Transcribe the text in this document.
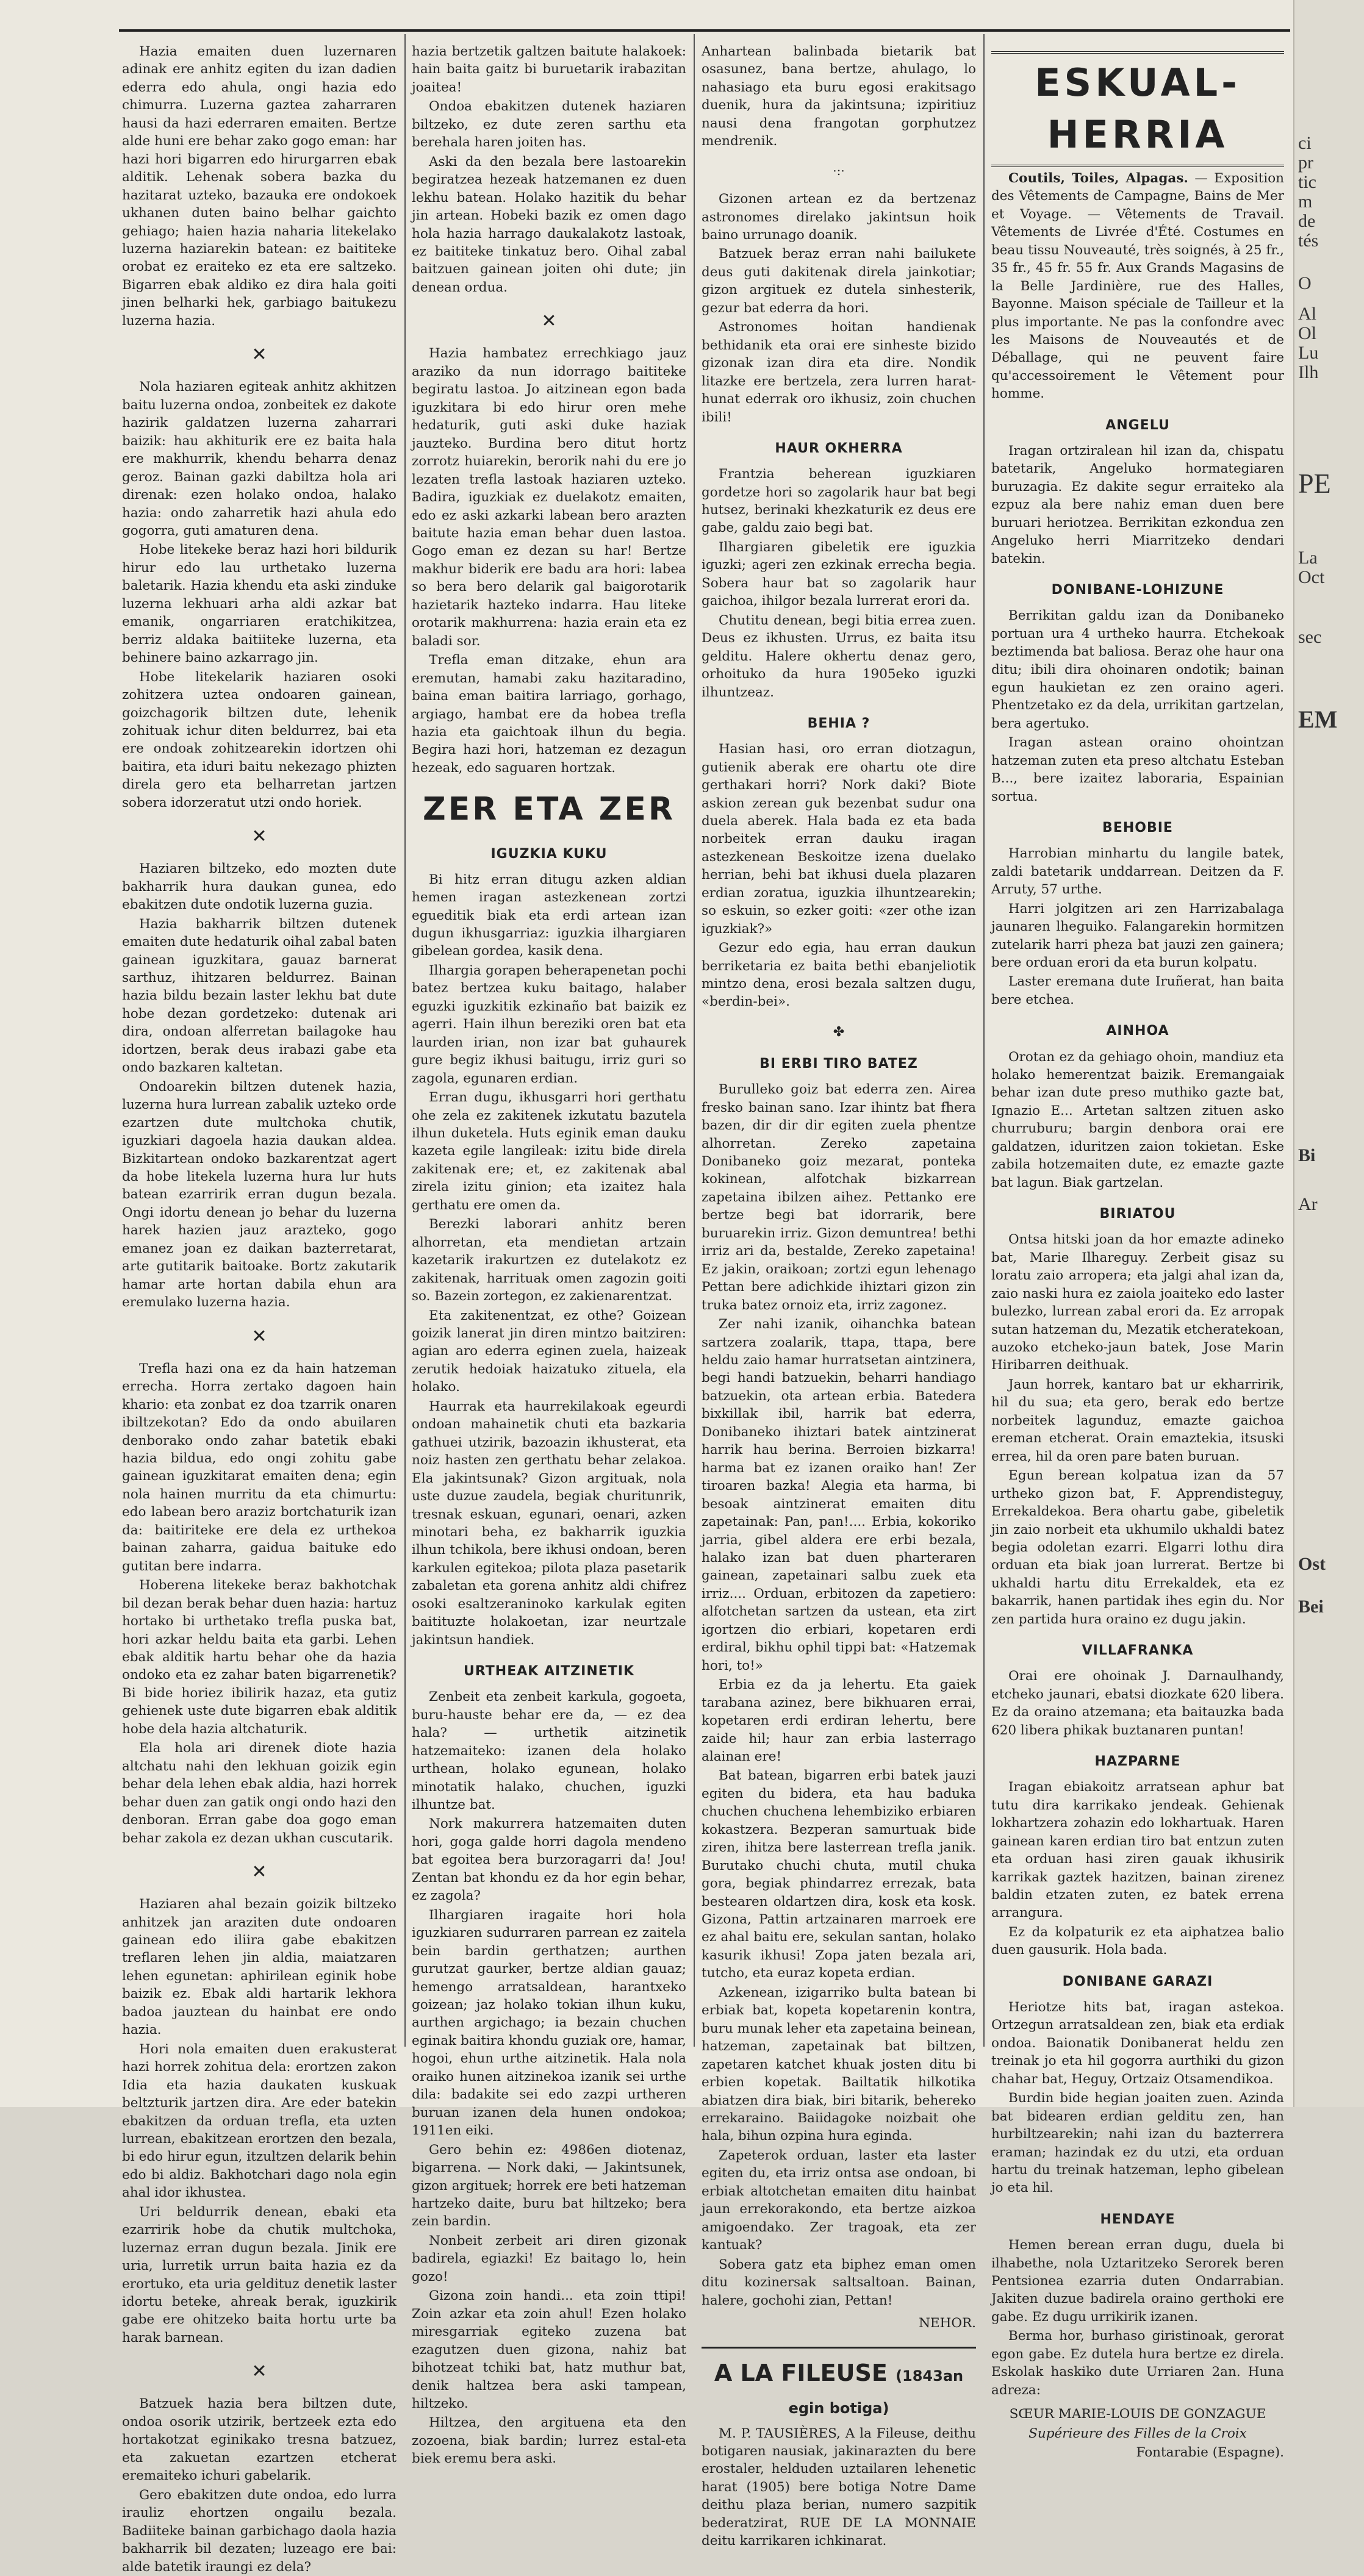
Hazia emaiten duen luzernaren adinak ere anhitz egiten du izan dadien ederra edo ahula, ongi hazia edo chimurra. Luzerna gaztea zaharraren hausi da hazi ederraren emaiten. Bertze alde huni ere behar zako gogo eman: har hazi hori bigarren edo hirurgarren ebak alditik. Lehenak sobera bazka du hazitarat uzteko, bazauka ere ondokoek ukhanen duten baino belhar gaichto gehiago; haien hazia naharia litekelako luzerna haziarekin batean: ez baititeke orobat ez eraiteko ez eta ere saltzeko. Bigarren ebak aldiko ez dira hala goiti jinen belharki hek, garbiago baitukezu luzerna hazia.

✕

Nola haziaren egiteak anhitz akhitzen baitu luzerna ondoa, zonbeitek ez dakote hazirik galdatzen luzerna zaharrari baizik: hau akhiturik ere ez baita hala ere makhurrik, khendu beharra denaz geroz. Bainan gazki dabiltza hola ari direnak: ezen holako ondoa, halako hazia: ondo zaharretik hazi ahula edo gogorra, guti amaturen dena.

Hobe litekeke beraz hazi hori bildurik hirur edo lau urthetako luzerna baletarik. Hazia khendu eta aski zinduke luzerna lekhuari arha aldi azkar bat emanik, ongarriaren eratchikitzea, berriz aldaka baitiiteke luzerna, eta behinere baino azkarrago jin.

Hobe litekelarik haziaren osoki zohitzera uztea ondoaren gainean, goizchagorik biltzen dute, lehenik zohituak ichur diten beldurrez, bai eta ere ondoak zohitzearekin idortzen ohi baitira, eta iduri baitu nekezago phizten direla gero eta belharretan jartzen sobera idorzeratut utzi ondo horiek.

✕

Haziaren biltzeko, edo mozten dute bakharrik hura daukan gunea, edo ebakitzen dute ondotik luzerna guzia.

Hazia bakharrik biltzen dutenek emaiten dute hedaturik oihal zabal baten gainean iguzkitara, gauaz barnerat sarthuz, ihitzaren beldurrez. Bainan hazia bildu bezain laster lekhu bat dute hobe dezan gordetzeko: dutenak ari dira, ondoan alferretan bailagoke hau idortzen, berak deus irabazi gabe eta ondo bazkaren kaltetan.

Ondoarekin biltzen dutenek hazia, luzerna hura lurrean zabalik uzteko orde ezartzen dute multchoka chutik, iguzkiari dagoela hazia daukan aldea. Bizkitartean ondoko bazkarentzat agert da hobe litekela luzerna hura lur huts batean ezarririk erran dugun bezala. Ongi idortu denean jo behar du luzerna harek hazien jauz arazteko, gogo emanez joan ez daikan bazterretarat, arte gutitarik baitoake. Bortz zakutarik hamar arte hortan dabila ehun ara eremulako luzerna hazia.

✕

Trefla hazi ona ez da hain hatzeman errecha. Horra zertako dagoen hain khario: eta zonbat ez doa tzarrik onaren ibiltzekotan? Edo da ondo abuilaren denborako ondo zahar batetik ebaki hazia bildua, edo ongi zohitu gabe gainean iguzkitarat emaiten dena; egin nola hainen murritu da eta chimurtu: edo labean bero araziz bortchaturik izan da: baitiriteke ere dela ez urthekoa bainan zaharra, gaiduа baituke edo gutitan bere indarra.

Hoberena litekeke beraz bakhotchak bil dezan berak behar duen hazia: hartuz hortako bi urthetako trefla puska bat, hori azkar heldu baita eta garbi. Lehen ebak alditik hartu behar ohe da hazia ondoko eta ez zahar baten bigarrenetik? Bi bide horiez ibilirik hazaz, eta gutiz gehienek uste dute bigarren ebak alditik hobe dela hazia altchaturik.

Ela hola ari direnek diote hazia altchatu nahi den lekhuan goizik egin behar dela lehen ebak aldia, hazi horrek behar duen zan gatik ongi ondo hazi den denboran. Erran gabe doa gogo eman behar zakola ez dezan ukhan cuscutarik.

✕

Haziaren ahal bezain goizik biltzeko anhitzek jan araziten dute ondoaren gainean edo iliira gabe ebakitzen treflaren lehen jin aldia, maiatzaren lehen egunetan: aphirilean eginik hobe baizik ez. Ebak aldi hartarik lekhora badoa jauztean du hainbat ere ondo hazia.

Hori nola emaiten duen erakusterat hazi horrek zohitua dela: erortzen zakon Idia eta hazia daukaten kuskuak beltzturik jartzen dira. Are eder batekin ebakitzen da orduan trefla, eta uzten lurrean, ebakitzean erortzen den bezala, bi edo hirur egun, itzultzen delarik behin edo bi aldiz. Bakhotchari dago nola egin ahal idor ikhustea.

Uri beldurrik denean, ebaki eta ezarririk hobe da chutik multchoka, luzernaz erran dugun bezala. Jinik ere uria, lurretik urrun baita hazia ez da erortuko, eta uria geldituz denetik laster idortu beteke, ahreak berak, iguzkirik gabe ere ohitzeko baita hortu urte ba harak barnean.

✕

Batzuek hazia bera biltzen dute, ondoa osorik utzirik, bertzeek ezta edo hortakotzat eginikako tresna batzuez, eta zakuetan ezartzen etcherat eremaiteko ichuri gabelarik.

Gero ebakitzen dute ondoa, edo lurra irauliz ehortzen ongailu bezala. Badiiteke bainan garbichago daola hazia bakharrik bil dezaten; luzeago ere bai: alde batetik iraungi ez dela?

hazia bertzetik galtzen baitute halakoek: hain baita gaitz bi buruetarik irabazitan joaitea!

Ondoa ebakitzen dutenek haziaren biltzeko, ez dute zeren sarthu eta berehala haren joiten has.

Aski da den bezala bere lastoarekin begiratzea hezeak hatzemanen ez duen lekhu batean. Holako hazitik du behar jin artean. Hobeki bazik ez omen dago hola hazia harrago daukalakotz lastoak, ez baititeke tinkatuz bero. Oihal zabal baitzuen gainean joiten ohi dute; jin denean ordua.

✕

Hazia hambatez errechkiago jauz araziko da nun idorrago baititeke begiratu lastoa. Jo aitzinean egon bada iguzkitara bi edo hirur oren mehe hedaturik, guti aski duke haziak jauzteko. Burdina bero ditut hortz zorrotz huiarekin, berorik nahi du ere jo lezaten trefla lastoak haziaren uzteko. Badira, iguzkiak ez duelakotz emaiten, edo ez aski azkarki labean bero arazten baitute hazia eman behar duen lastoa. Gogo eman ez dezan su har! Bertze makhur biderik ere badu ara hori: labea so bera bero delarik gal baigorotarik hazietarik hazteko indarra. Hau liteke orotarik makhurrena: hazia erain eta ez baladi sor.

Trefla eman ditzake, ehun ara eremutan, hamabi zaku hazitaradino, baina eman baitira larriago, gorhago, argiago, hambat ere da hobea trefla hazia eta gaichtoak ilhun du begia. Begira hazi hori, hatzeman ez dezagun hezeak, edo saguaren hortzak.

ZER ETA ZER
IGUZKIA KUKU

Bi hitz erran ditugu azken aldian hemen iragan astezkenean zortzi egueditik biak eta erdi artean izan dugun ikhusgarriaz: iguzkia ilhargiaren gibelean gordea, kasik dena.

Ilhargia gorapen beherapenetan pochi batez bertzea kuku baitago, halaber eguzki iguzkitik ezkinaño bat baizik ez agerri. Hain ilhun bereziki oren bat eta laurden irian, non izar bat guhaurek gure begiz ikhusi baitugu, irriz guri so zagola, egunaren erdian.

Erran dugu, ikhusgarri hori gerthatu ohe zela ez zakitenek izkutatu bazutela ilhun duketela. Huts eginik eman dauku kazeta egile langileak: izitu bide direla zakitenak ere; et, ez zakitenak abal zirela izitu ginion; eta izaitez hala gerthatu ere omen da.

Berezki laborari anhitz beren alhorretan, eta mendietan artzain kazetarik irakurtzen ez dutelakotz ez zakitenak, harrituak omen zagozin goiti so. Bazein zortegon, ez zakienarentzat.

Eta zakitenentzat, ez othe? Goizean goizik lanerat jin diren mintzo baitziren: agian aro ederra eginen zuela, haizeak zerutik hedoiak haizatuko zituela, ela holako.

Haurrak eta haurrekilakoak egeurdi ondoan mahainetik chuti eta bazkaria gathuei utzirik, bazoazin ikhusterat, eta noiz hasten zen gerthatu behar zelakoa. Ela jakintsunak? Gizon argituak, nola uste duzue zaudela, begiak churitunrik, tresnak eskuan, egunari, oenari, azken minotari beha, ez bakharrik iguzkia ilhun tchikola, bere ikhusi ondoan, beren karkulen egitekoa; pilota plaza pasetarik zabaletan eta gorena anhitz aldi chifrez osoki esaltzeraninoko karkulak egiten baitituzte holakoetan, izar neurtzale jakintsun handiek.

URTHEAK AITZINETIK

Zenbeit eta zenbeit karkula, gogoeta, buru-hauste behar ere da, — ez dea hala? — urthetik aitzinetik hatzemaiteko: izanen dela holako urthean, holako egunean, holako minotatik halako, chuchen, iguzki ilhuntze bat.

Nork makurrera hatzemaiten duten hori, goga galde horri dagola mendeno bat egoitea bera burzoragarri da! Jou! Zentan bat khondu ez da hor egin behar, ez zagola?

Ilhargiaren iragaite hori hola iguzkiaren sudurraren parrean ez zaitela bein bardin gerthatzen; aurthen gurutzat gaurker, bertze aldian gauaz; hemengo arratsaldean, harantxeko goizean; jaz holako tokian ilhun kuku, aurthen argichago; ia bezain chuchen eginak baitira khondu guziak ore, hamar, hogoi, ehun urthe aitzinetik. Hala nola oraiko hunen aitzinekoa izanik sei urthe dila: badakite sei edo zazpi urtheren buruan izanen dela hunen ondokoa; 1911en eiki.

Gero behin ez: 4986en diotenaz, bigarrena. — Nork daki, — Jakintsunek, gizon argituek; horrek ere beti hatzeman hartzeko daite, buru bat hiltzeko; bera zein bardin.

Nonbeit zerbeit ari diren gizonak badirela, egiazki! Ez baitago lo, hein gozo!

Gizona zoin handi... eta zoin ttipi! Zoin azkar eta zoin ahul! Ezen holako miresgarriak egiteko zuzena bat ezagutzen duen gizona, nahiz bat bihotzeat tchiki bat, hatz muthur bat, denik haltzea bera aski tampean, hiltzeko.

Hiltzea, den argituena eta den zozoena, biak bardin; lurrez estal-eta biek eremu bera aski.

Anhartean balinbada bietarik bat osasunez, bana bertze, ahulago, lo nahasiago eta buru egosi erakitsago duenik, hura da jakintsuna; izpiritiuz nausi dena frangotan gorphutzez mendrenik.

·:·

Gizonen artean ez da bertzenaz astronomes direlako jakintsun hoik baino urrunago doanik.

Batzuek beraz erran nahi bailukete deus guti dakitenak direla jainkotiar; gizon argituek ez dutela sinhesterik, gezur bat ederra da hori.

Astronomes hoitan handienak bethidanik eta orai ere sinheste bizido gizonak izan dira eta dire. Nondik litazke ere bertzela, zera lurren harat-hunat ederrak oro ikhusiz, zoin chuchen ibili!

HAUR OKHERRA

Frantzia beherean iguzkiaren gordetze hori so zagolarik haur bat begi hutsez, berinaki khezkaturik ez deus ere gabe, galdu zaio begi bat.

Ilhargiaren gibeletik ere iguzkia iguzki; ageri zen ezkinak errecha begia. Sobera haur bat so zagolarik haur gaichoa, ihilgor bezala lurrerat erori da.

Chutitu denean, begi bitia errea zuen. Deus ez ikhusten. Urrus, ez baita itsu gelditu. Halere okhertu denaz gero, orhoituko da hura 1905eko iguzki ilhuntzeaz.

BEHIA ?

Hasian hasi, oro erran diotzagun, gutienik aberak ere ohartu ote dire gerthakari horri? Nork daki? Biote askion zerean guk bezenbat sudur ona duela aberek. Hala bada ez eta bada norbeitek erran dauku iragan astezkenean Beskoitze izena duelako herrian, behi bat ikhusi duela plazaren erdian zoratua, iguzkia ilhuntzearekin; so eskuin, so ezker goiti: «zer othe izan iguzkiak?»

Gezur edo egia, hau erran daukun berriketaria ez baita bethi ebanjeliotik mintzo dena, erosi bezala saltzen dugu, «berdin-bei».

✤
BI ERBI TIRO BATEZ

Burulleko goiz bat ederra zen. Airea fresko bainan sano. Izar ihintz bat fhera bazen, dir dir dir egiten zuela phentze alhorretan. Zereko zapetaina Donibaneko goiz mezarat, ponteka kokinean, alfotchak bizkarrean zapetaina ibilzen aihez. Pettanko ere bertze begi bat idorrarik, bere buruarekin irriz. Gizon demuntrea! bethi irriz ari da, bestalde, Zereko zapetaina! Ez jakin, oraikoan; zortzi egun lehenago Pettan bere adichkide ihiztari gizon zin truka batez ornoiz eta, irriz zagonez.

Zer nahi izanik, oihanchka batean sartzera zoalarik, ttapa, ttapa, bere heldu zaio hamar hurratsetan aintzinera, begi handi batzuekin, beharri handiago batzuekin, ota artean erbia. Batedera bixkillak ibil, harrik bat ederra, Donibaneko ihiztari batek aintzinerat harrik hau berina. Berroien bizkarra! harma bat ez izanen oraiko han! Zer tiroaren bazka! Alegia eta harma, bi besoak aintzinerat emaiten ditu zapetainak: Pan, pan!.... Erbia, kokoriko jarria, gibel aldera ere erbi bezala, halako izan bat duen pharteraren gainean, zapetainari salbu zuek eta irriz.... Orduan, erbitozen da zapetiero: alfotchetan sartzen da ustean, eta zirt igortzen dio erbiari, kopetaren erdi erdiral, bikhu ophil tippi bat: «Hatzemak hori, to!»

Erbia ez da ja lehertu. Eta gaiek tarabana azinez, bere bikhuaren errai, kopetaren erdi erdiran lehertu, bere zaide hil; haur zan erbia lasterrago alainan ere!

Bat batean, bigarren erbi batek jauzi egiten du bidera, eta hau baduka chuchen chuchena lehembiziko erbiaren kokastzera. Bezperan samurtuak bide ziren, ihitza bere lasterrean trefla janik. Burutako chuchi chuta, mutil chuka gora, begiak phindarrez errezak, bata bestearen oldartzen dira, kosk eta kosk. Gizona, Pattin artzainaren marroek ere ez ahal baitu ere, sekulan santan, holako kasurik ikhusi! Zopa jaten bezala ari, tutcho, eta euraz kopeta erdian.

Azkenean, izigarriko bulta batean bi erbiak bat, kopeta kopetarenin kontra, buru munak leher eta zapetaina beinean, hatzeman, zapetainak bat biltzen, zapetaren katchet khuak josten ditu bi erbien kopetak. Bailtatik hilkotika abiatzen dira biak, biri bitarik, behereko errekaraino. Baiidagoke noizbait ohe hala, bihun ozpina hura eginda.

Zapeterok orduan, laster eta laster egiten du, eta irriz ontsa ase ondoan, bi erbiak altotchetan emaiten ditu hainbat jaun errekorakondo, eta bertze aizkoa amigoendako. Zer tragoak, eta zer kantuak?

Sobera gatz eta biphez eman omen ditu kozinersak saltsaltoan. Bainan, halere, gochohi zian, Pettan!

NEHOR.
A LA FILEUSE (1843an egin botiga)

M. P. TAUSIÈRES, A la Fileuse, deithu botigaren nausiak, jakinarazten du bere erostaler, helduden uztailaren lehenetic harat (1905) bere botiga Notre Dame deithu plaza berian, numero sazpitik bederatzirat, RUE DE LA MONNAIE deitu karrikaren ichkinarat.

ESKUAL-HERRIA

Coutils, Toiles, Alpagas. — Exposition des Vêtements de Campagne, Bains de Mer et Voyage. — Vêtements de Travail. Vêtements de Livrée d'Été. Costumes en beau tissu Nouveauté, très soignés, à 25 fr., 35 fr., 45 fr. 55 fr. Aux Grands Magasins de la Belle Jardinière, rue des Halles, Bayonne. Maison spéciale de Tailleur et la plus importante. Ne pas la confondre avec les Maisons de Nouveautés et de Déballage, qui ne peuvent faire qu'accessoirement le Vêtement pour homme.

ANGELU

Iragan ortziralean hil izan da, chispatu batetarik, Angeluko hormategiaren buruzagia. Ez dakite segur erraiteko ala ezpuz ala bere nahiz eman duen bere buruari heriotzea. Berrikitan ezkondua zen Angeluko herri Miarritzeko dendari batekin.

DONIBANE-LOHIZUNE

Berrikitan galdu izan da Donibaneko portuan ura 4 urtheko haurra. Etchekoak beztimenda bat baliosa. Beraz ohe haur ona ditu; ibili dira ohoinaren ondotik; bainan egun haukietan ez zen oraino ageri. Phentzetako ez da dela, urrikitan gartzelan, bera agertuko.

Iragan astean oraino ohointzan hatzeman zuten eta preso altchatu Esteban B..., bere izaitez laboraria, Espainian sortua.

BEHOBIE

Harrobian minhartu du langile batek, zaldi batetarik unddarrean. Deitzen da F. Arruty, 57 urthe.

Harri jolgitzen ari zen Harrizabalaga jaunaren lheguiko. Falangarekin hormitzen zutelarik harri pheza bat jauzi zen gainera; bere orduan erori da eta burun kolpatu.

Laster eremana dute Iruñerat, han baita bere etchea.

AINHOA

Orotan ez da gehiago ohoin, mandiuz eta holako hemerentzat baizik. Eremangaiak behar izan dute preso muthiko gazte bat, Ignazio E... Artetan saltzen zituen asko churruburu; bargin denbora orai ere galdatzen, iduritzen zaion tokietan. Eske zabila hotzemaiten dute, ez emazte gazte bat lagun. Biak gartzelan.

BIRIATOU

Ontsa hitski joan da hor emazte adineko bat, Marie Ilhareguy. Zerbeit gisaz su loratu zaio arropera; eta jalgi ahal izan da, zaio naski hura ez zaiola joaiteko edo laster bulezko, lurrean zabal erori da. Ez arropak sutan hatzeman du, Mezatik etcheratekoan, auzoko etcheko-jaun batek, Jose Marin Hiribarren deithuak.

Jaun horrek, kantaro bat ur ekharririk, hil du sua; eta gero, berak edo bertze norbeitek lagunduz, emazte gaichoa ereman etcherat. Orain emaztekia, itsuski errea, hil da oren pare baten buruan.

Egun berean kolpatua izan da 57 urtheko gizon bat, F. Apprendisteguy, Errekaldekoa. Bera ohartu gabe, gibeletik jin zaio norbeit eta ukhumilo ukhaldi batez begia odoletan ezarri. Elgarri lothu dira orduan eta biak joan lurrerat. Bertze bi ukhaldi hartu ditu Errekaldek, eta ez bakarrik, hanen partidak ihes egin du. Nor zen partida hura oraino ez dugu jakin.

VILLAFRANKA

Orai ere ohoinak J. Darnaulhandy, etcheko jaunari, ebatsi diozkate 620 libera. Ez da oraino atzemana; eta baitauzka bada 620 libera phikak buztanaren puntan!

HAZPARNE

Iragan ebiakoitz arratsean aphur bat tutu dira karrikako jendeak. Gehienak lokhartzera zohazin edo lokhartuak. Haren gainean karen erdian tiro bat entzun zuten eta orduan hasi ziren gauak ikhusirik karrikak gaztek hazitzen, bainan zirenez baldin etzaten zuten, ez batek errena arrangura.

Ez da kolpaturik ez eta aiphatzea balio duen gausurik. Hola bada.

DONIBANE GARAZI

Heriotze hits bat, iragan astekoa. Ortzegun arratsaldean zen, biak eta erdiak ondoa. Baionatik Donibanerat heldu zen treinak jo eta hil gogorra aurthiki du gizon chahar bat, Heguy, Ortzaiz Otsamendikoa.

Burdin bide hegian joaiten zuen. Azinda bat bidearen erdian gelditu zen, han hurbiltzearekin; nahi izan du bazterrera eraman; hazindak ez du utzi, eta orduan hartu du treinak hatzeman, lepho gibelean jo eta hil.

HENDAYE

Hemen berean erran dugu, duela bi ilhabethe, nola Uztaritzeko Serorek beren Pentsionea ezarria duten Ondarrabian. Jakiten duzue badirela oraino gerthoki ere gabe. Ez dugu urrikirik izanen.

Berma hor, burhaso giristinoak, gerorat egon gabe. Ez dutela hura bertze ez direla. Eskolak haskiko dute Urriaren 2an. Huna adreza:

SŒUR MARIE-LOUIS DE GONZAGUE

Supérieure des Filles de la Croix

Fontarabie (Espagne).

ci
pr
tic
m
de
tés
O
Al
Ol
Lu
Ilh
PE
La
Oct
sec
EM
Bi
Ar
Ost
Bei
